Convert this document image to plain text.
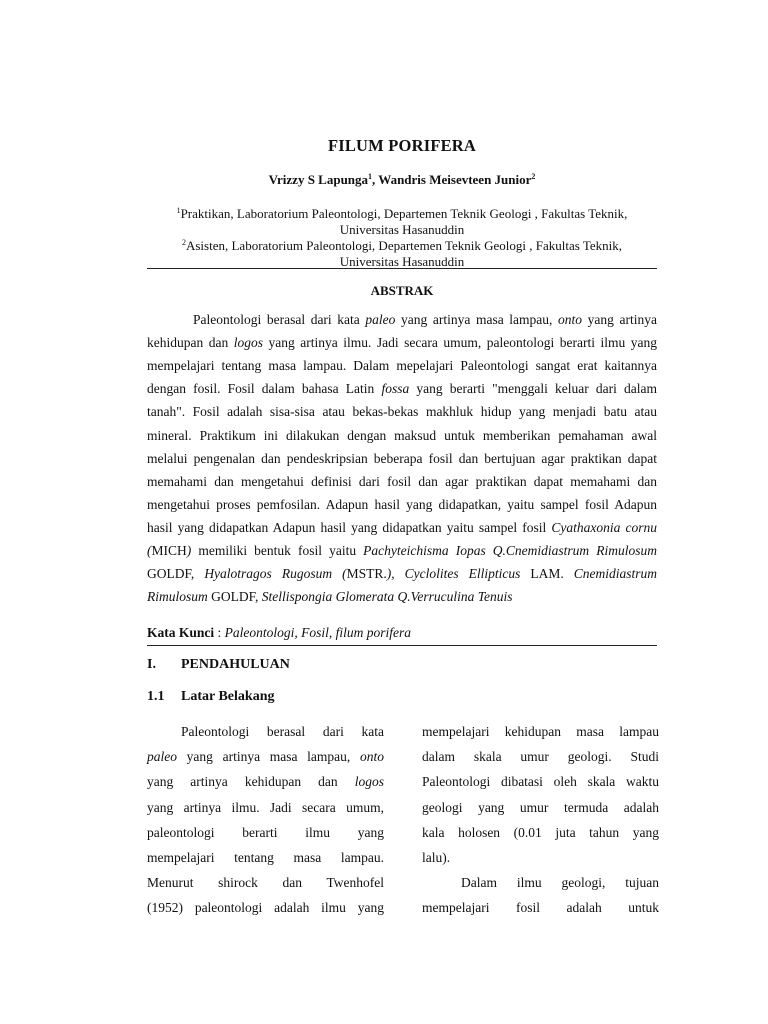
FILUM PORIFERA
Vrizzy S Lapunga$^1$, Wandris Meisevteen Junior$^2$
$^1$Praktikan, Laboratorium Paleontologi, Departemen Teknik Geologi , Fakultas Teknik,
Universitas Hasanuddin
$^2$Asisten, Laboratorium Paleontologi, Departemen Teknik Geologi , Fakultas Teknik,
Universitas Hasanuddin
ABSTRAK
Paleontologi berasal dari kata paleo yang artinya masa lampau, onto yang artinya
kehidupan dan logos yang artinya ilmu. Jadi secara umum, paleontologi berarti ilmu yang
mempelajari tentang masa lampau. Dalam mepelajari Paleontologi sangat erat kaitannya
dengan fosil. Fosil dalam bahasa Latin fossa yang berarti "menggali keluar dari dalam
tanah". Fosil adalah sisa-sisa atau bekas-bekas makhluk hidup yang menjadi batu atau
mineral. Praktikum ini dilakukan dengan maksud untuk memberikan pemahaman awal
melalui pengenalan dan pendeskripsian beberapa fosil dan bertujuan agar praktikan dapat
memahami dan mengetahui definisi dari fosil dan agar praktikan dapat memahami dan
mengetahui proses pemfosilan. Adapun hasil yang didapatkan, yaitu sampel fosil Adapun
hasil yang didapatkan Adapun hasil yang didapatkan yaitu sampel fosil Cyathaxonia cornu
(MICH) memiliki bentuk fosil yaitu Pachyteichisma Iopas Q.Cnemidiastrum Rimulosum
GOLDF, Hyalotragos Rugosum (MSTR.), Cyclolites Ellipticus LAM. Cnemidiastrum
Rimulosum GOLDF, Stellispongia Glomerata Q.Verruculina Tenuis
Kata Kunci : Paleontologi, Fosil, filum porifera
I. PENDAHULUAN
1.1 Latar Belakang
Paleontologi berasal dari kata
paleo yang artinya masa lampau, onto
yang artinya kehidupan dan logos
yang artinya ilmu. Jadi secara umum,
paleontologi berarti ilmu yang
mempelajari tentang masa lampau.
Menurut shirock dan Twenhofel
(1952) paleontologi adalah ilmu yang
mempelajari kehidupan masa lampau
dalam skala umur geologi. Studi
Paleontologi dibatasi oleh skala waktu
geologi yang umur termuda adalah
kala holosen (0.01 juta tahun yang
lalu).
Dalam ilmu geologi, tujuan
mempelajari fosil adalah untuk
